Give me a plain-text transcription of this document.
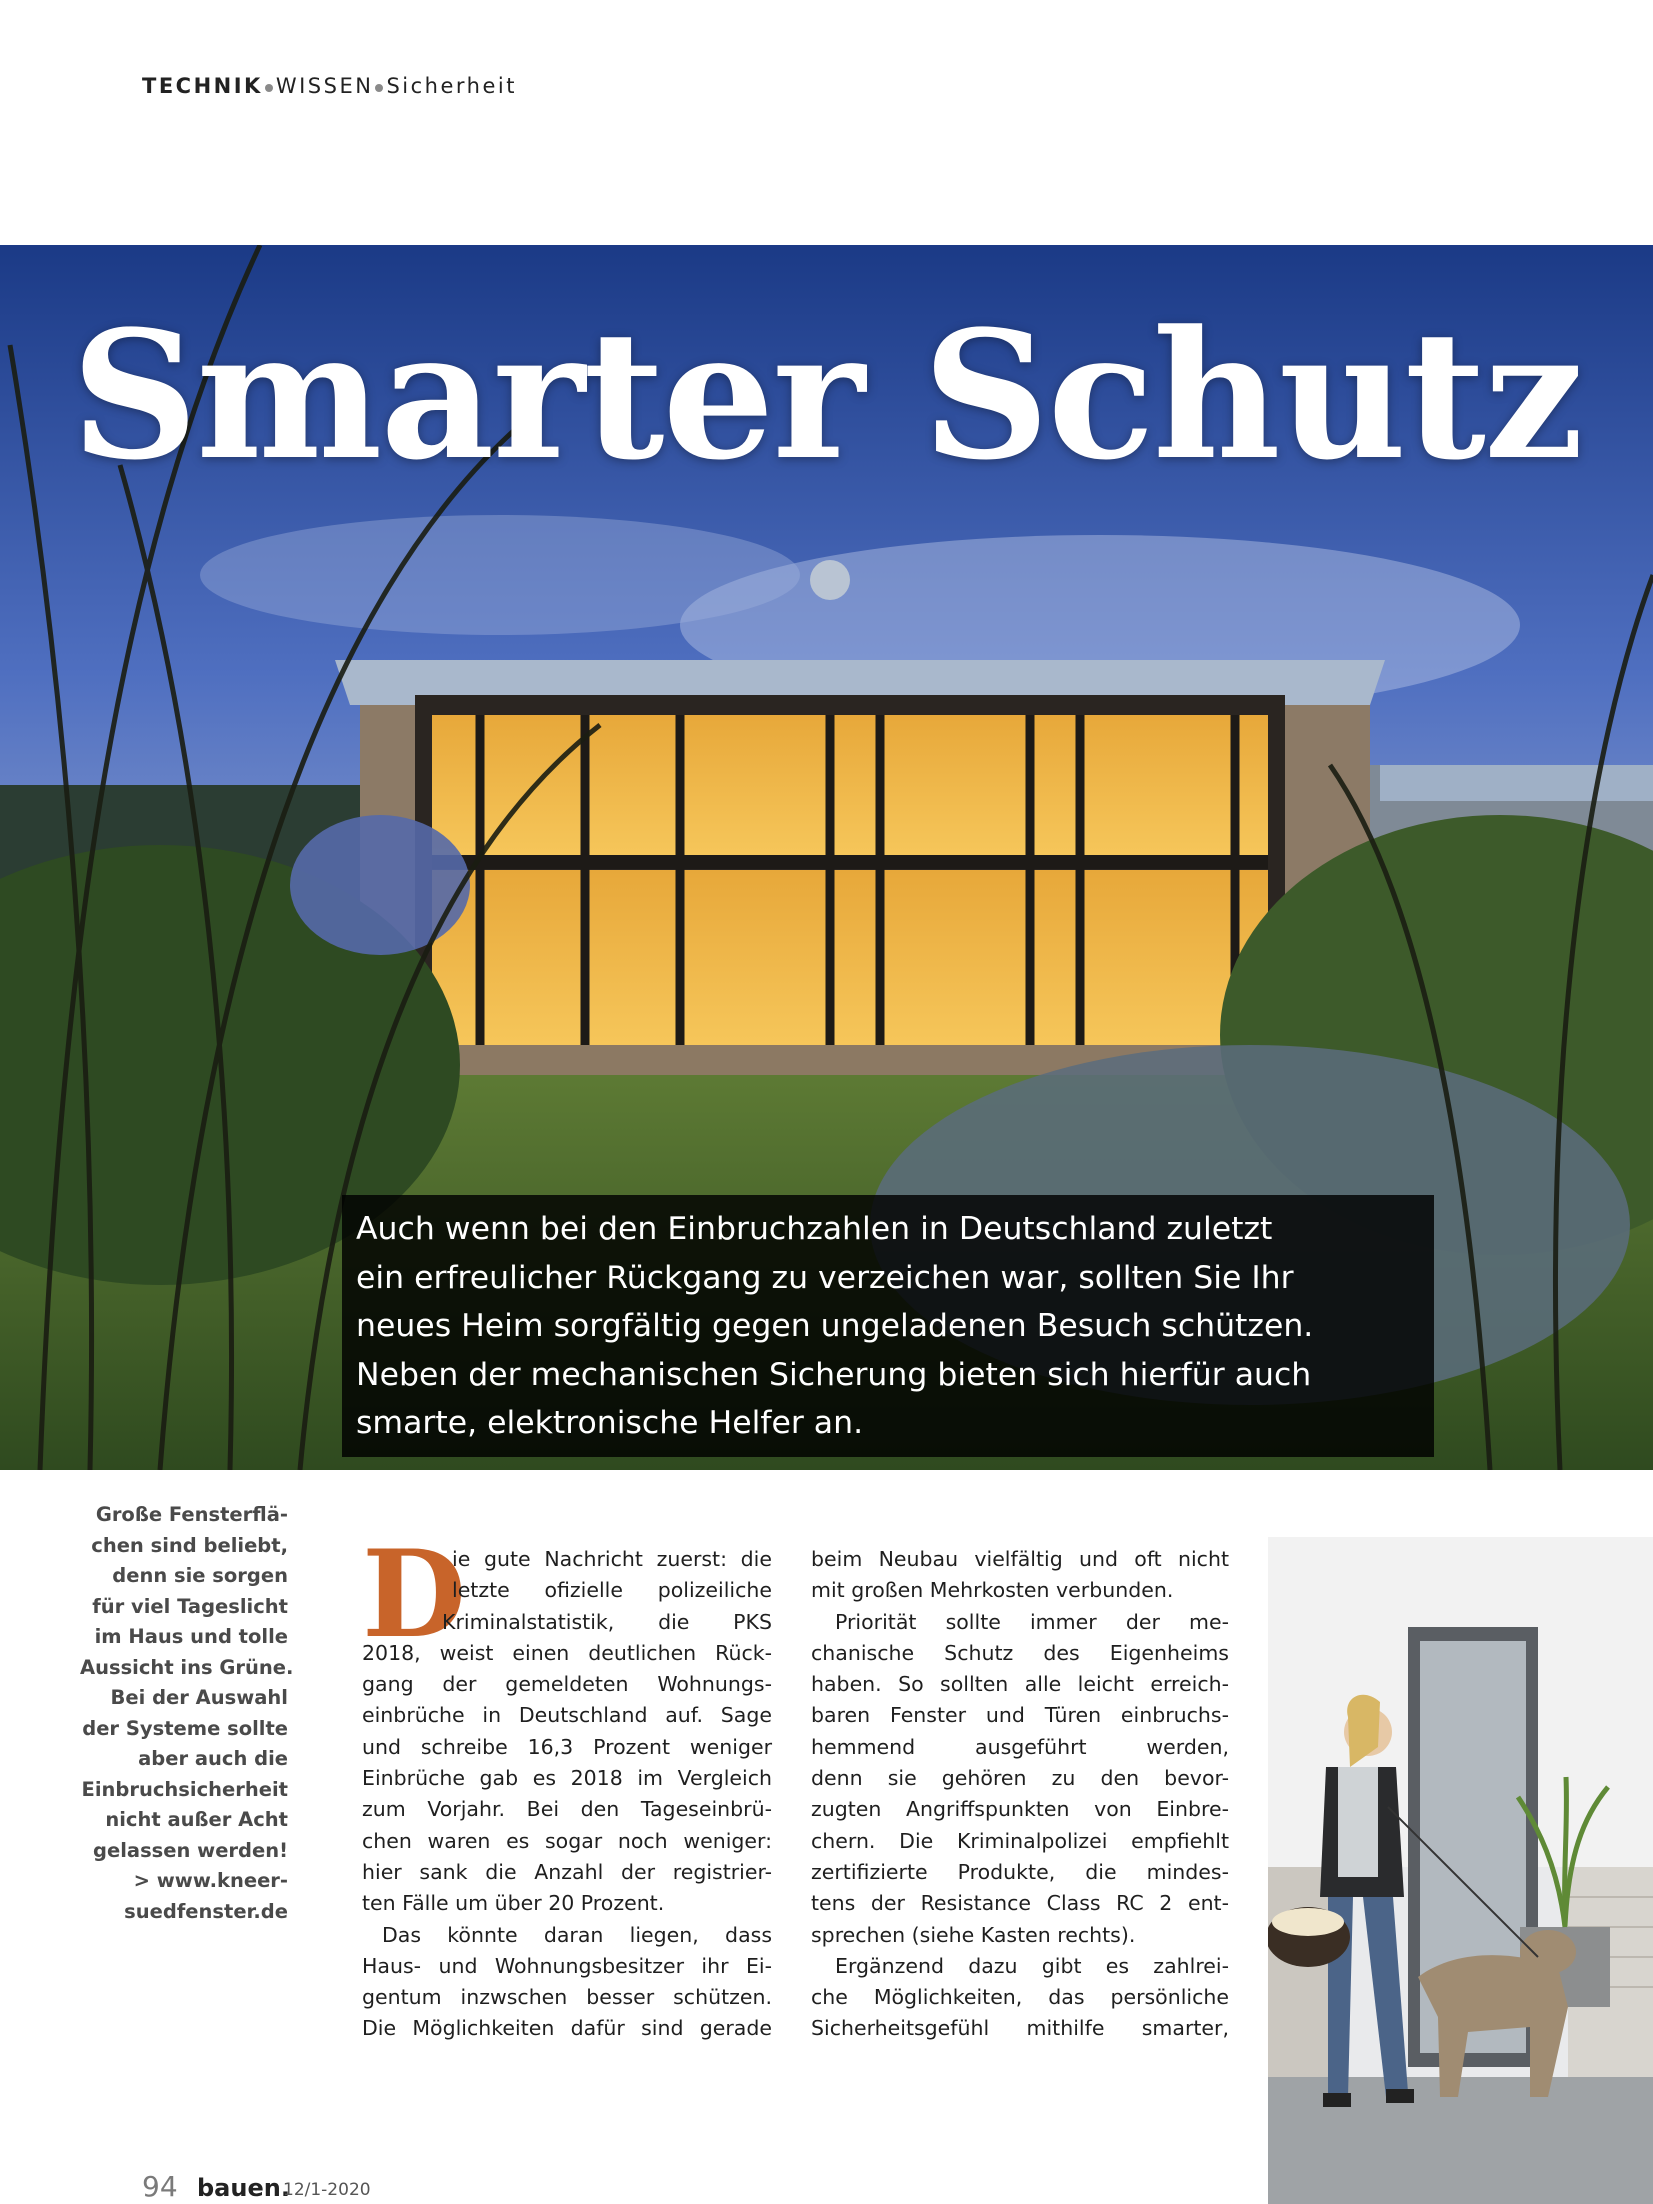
TECHNIK WISSEN Sicherheit
Smarter Schutz

Auch wenn bei den Einbruchzahlen in Deutschland zuletzt

ein erfreulicher Rückgang zu verzeichen war, sollten Sie Ihr

neues Heim sorgfältig gegen ungeladenen Besuch schützen.

Neben der mechanischen Sicherung bieten sich hierfür auch

smarte, elektronische Helfer an.

Große Fensterflä-
chen sind beliebt,
denn sie sorgen
für viel Tageslicht
im Haus und tolle
Aussicht ins Grüne.
Bei der Auswahl
der Systeme sollte
aber auch die
Einbruchsicherheit
nicht außer Acht
gelassen werden!
> www.kneer-
suedfenster.de
D
ie gute Nachricht zuerst: die
letzte ofizielle polizeiliche
Kriminalstatistik, die PKS
2018, weist einen deutlichen Rück-
gang der gemeldeten Wohnungs-
einbrüche in Deutschland auf. Sage
und schreibe 16,3 Prozent weniger
Einbrüche gab es 2018 im Vergleich
zum Vorjahr. Bei den Tageseinbrü-
chen waren es sogar noch weniger:
hier sank die Anzahl der registrier-
ten Fälle um über 20 Prozent.
Das könnte daran liegen, dass
Haus- und Wohnungsbesitzer ihr Ei-
gentum inzwschen besser schützen.
Die Möglichkeiten dafür sind gerade
beim Neubau vielfältig und oft nicht
mit großen Mehrkosten verbunden.
Priorität sollte immer der me-
chanische Schutz des Eigenheims
haben. So sollten alle leicht erreich-
baren Fenster und Türen einbruchs-
hemmend ausgeführt werden,
denn sie gehören zu den bevor-
zugten Angriffspunkten von Einbre-
chern. Die Kriminalpolizei empfiehlt
zertifizierte Produkte, die mindes-
tens der Resistance Class RC 2 ent-
sprechen (siehe Kasten rechts).
Ergänzend dazu gibt es zahlrei-
che Möglichkeiten, das persönliche
Sicherheitsgefühl mithilfe smarter,
94 bauen.
12/1-2020
